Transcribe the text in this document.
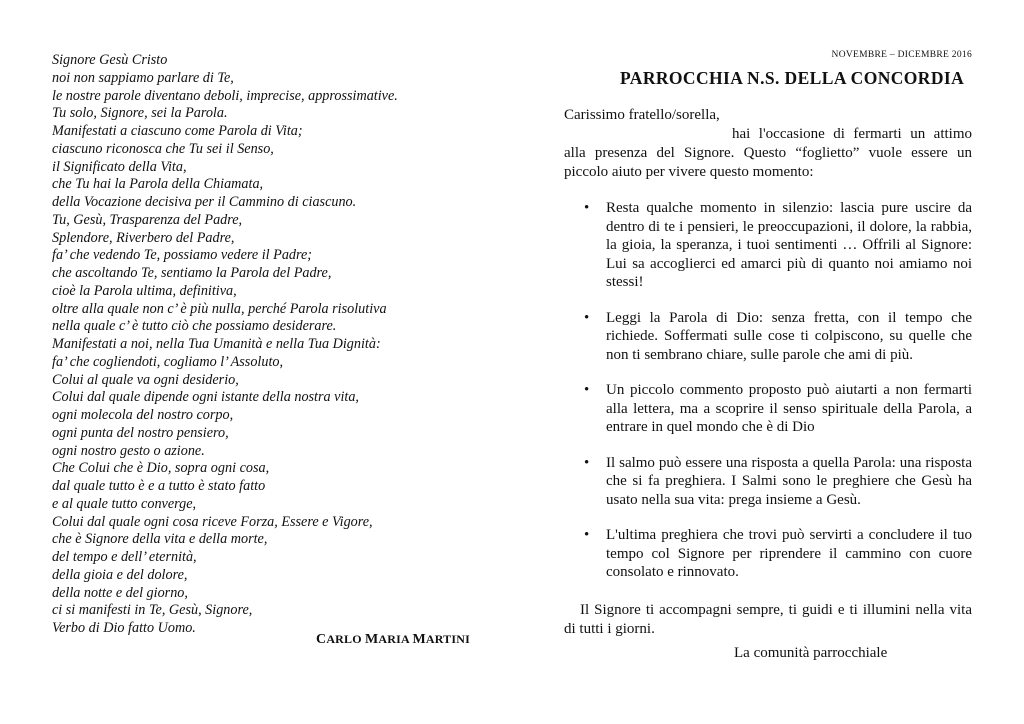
Signore Gesù Cristo
noi non sappiamo parlare di Te,
le nostre parole diventano deboli, imprecise, approssimative.
Tu solo, Signore, sei la Parola.
Manifestati a ciascuno come Parola di Vita;
ciascuno riconosca che Tu sei il Senso,
il Significato della Vita,
che Tu hai la Parola della Chiamata,
della Vocazione decisiva per il Cammino di ciascuno.
Tu, Gesù, Trasparenza del Padre,
Splendore, Riverbero del Padre,
fa’ che vedendo Te, possiamo vedere il Padre;
che ascoltando Te, sentiamo la Parola del Padre,
cioè la Parola ultima, definitiva,
oltre alla quale non c’ è più nulla, perché Parola risolutiva
nella quale c’ è tutto ciò che possiamo desiderare.
Manifestati a noi, nella Tua Umanità e nella Tua Dignità:
fa’ che cogliendoti, cogliamo l’ Assoluto,
Colui al quale va ogni desiderio,
Colui dal quale dipende ogni istante della nostra vita,
ogni molecola del nostro corpo,
ogni punta del nostro pensiero,
ogni nostro gesto o azione.
Che Colui che è Dio, sopra ogni cosa,
dal quale tutto è e a tutto è stato fatto
e al quale tutto converge,
Colui dal quale ogni cosa riceve Forza, Essere e Vigore,
che è Signore della vita e della morte,
del tempo e dell’ eternità,
della gioia e del dolore,
della notte e del giorno,
ci si manifesti in Te, Gesù, Signore,
Verbo di Dio fatto Uomo.
CARLO MARIA MARTINI
NOVEMBRE – DICEMBRE 2016
PARROCCHIA N.S. DELLA CONCORDIA
Carissimo fratello/sorella,
hai l'occasione di fermarti un attimo alla presenza del Signore. Questo “foglietto” vuole essere un piccolo aiuto per vivere questo momento:
• Resta qualche momento in silenzio: lascia pure uscire da dentro di te i pensieri, le preoccupazioni, il dolore, la rabbia, la gioia, la speranza, i tuoi sentimenti … Offrili al Signore: Lui sa accoglierci ed amarci più di quanto noi amiamo noi stessi!
• Leggi la Parola di Dio: senza fretta, con il tempo che richiede. Soffermati sulle cose ti colpiscono, su quelle che non ti sembrano chiare, sulle parole che ami di più.
• Un piccolo commento proposto può aiutarti a non fermarti alla lettera, ma a scoprire il senso spirituale della Parola, a entrare in quel mondo che è di Dio
• Il salmo può essere una risposta a quella Parola: una risposta che si fa preghiera. I Salmi sono le preghiere che Gesù ha usato nella sua vita: prega insieme a Gesù.
• L'ultima preghiera che trovi può servirti a concludere il tuo tempo col Signore per riprendere il cammino con cuore consolato e rinnovato.
Il Signore ti accompagni sempre, ti guidi e ti illumini nella vita di tutti i giorni.
La comunità parrocchiale
